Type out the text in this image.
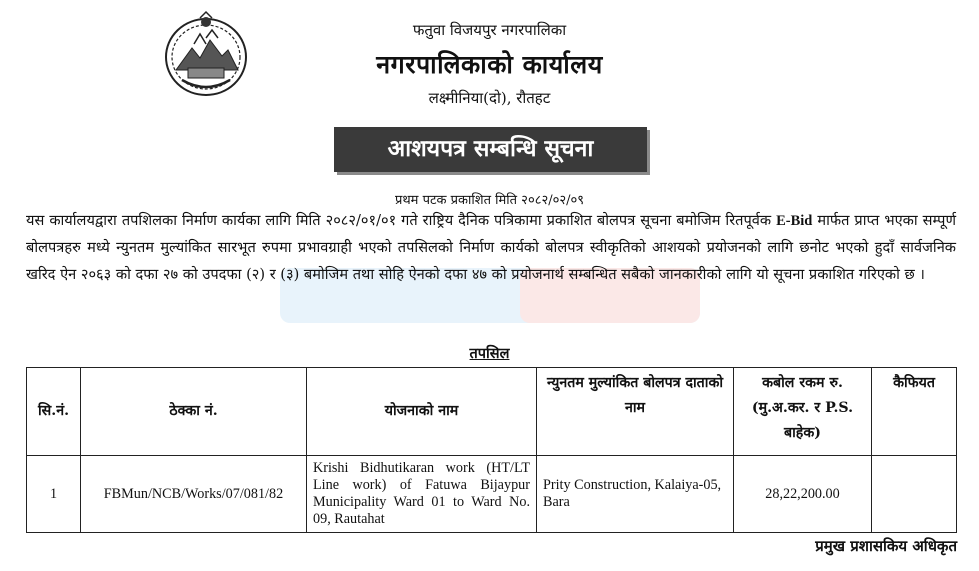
फतुवा विजयपुर नगरपालिका
नगरपालिकाको कार्यालय
लक्ष्मीनिया(दो), रौतहट
आशयपत्र सम्बन्धि सूचना
प्रथम पटक प्रकाशित मिति २०८२/०२/०९
यस कार्यालयद्वारा तपशिलका निर्माण कार्यका लागि मिति २०८२/०१/०१ गते राष्ट्रिय दैनिक पत्रिकामा प्रकाशित बोलपत्र सूचना बमोजिम रितपूर्वक E-Bid मार्फत प्राप्त भएका सम्पूर्ण बोलपत्रहरु मध्ये न्युनतम मुल्यांकित सारभूत रुपमा प्रभावग्राही भएको तपसिलको निर्माण कार्यको बोलपत्र स्वीकृतिको आशयको प्रयोजनको लागि छनोट भएको हुदाँ सार्वजनिक खरिद ऐन २०६३ को दफा २७ को उपदफा (२) र (३) बमोजिम तथा सोहि ऐनको दफा ४७ को प्रयोजनार्थ सम्बन्धित सबैको जानकारीको लागि यो सूचना प्रकाशित गरिएको छ ।
तपसिल
सि.नं.	ठेक्का नं.	योजनाको नाम	न्युनतम मुल्यांकित बोलपत्र दाताको नाम	कबोल रकम रु. (मु.अ.कर. र P.S. बाहेक)	कैफियत
1	FBMun/NCB/Works/07/081/82	Krishi Bidhutikaran work (HT/LT Line work) of Fatuwa Bijaypur Municipality Ward 01 to Ward No. 09, Rautahat	Prity Construction, Kalaiya-05, Bara	28,22,200.00	
प्रमुख प्रशासकिय अधिकृत
